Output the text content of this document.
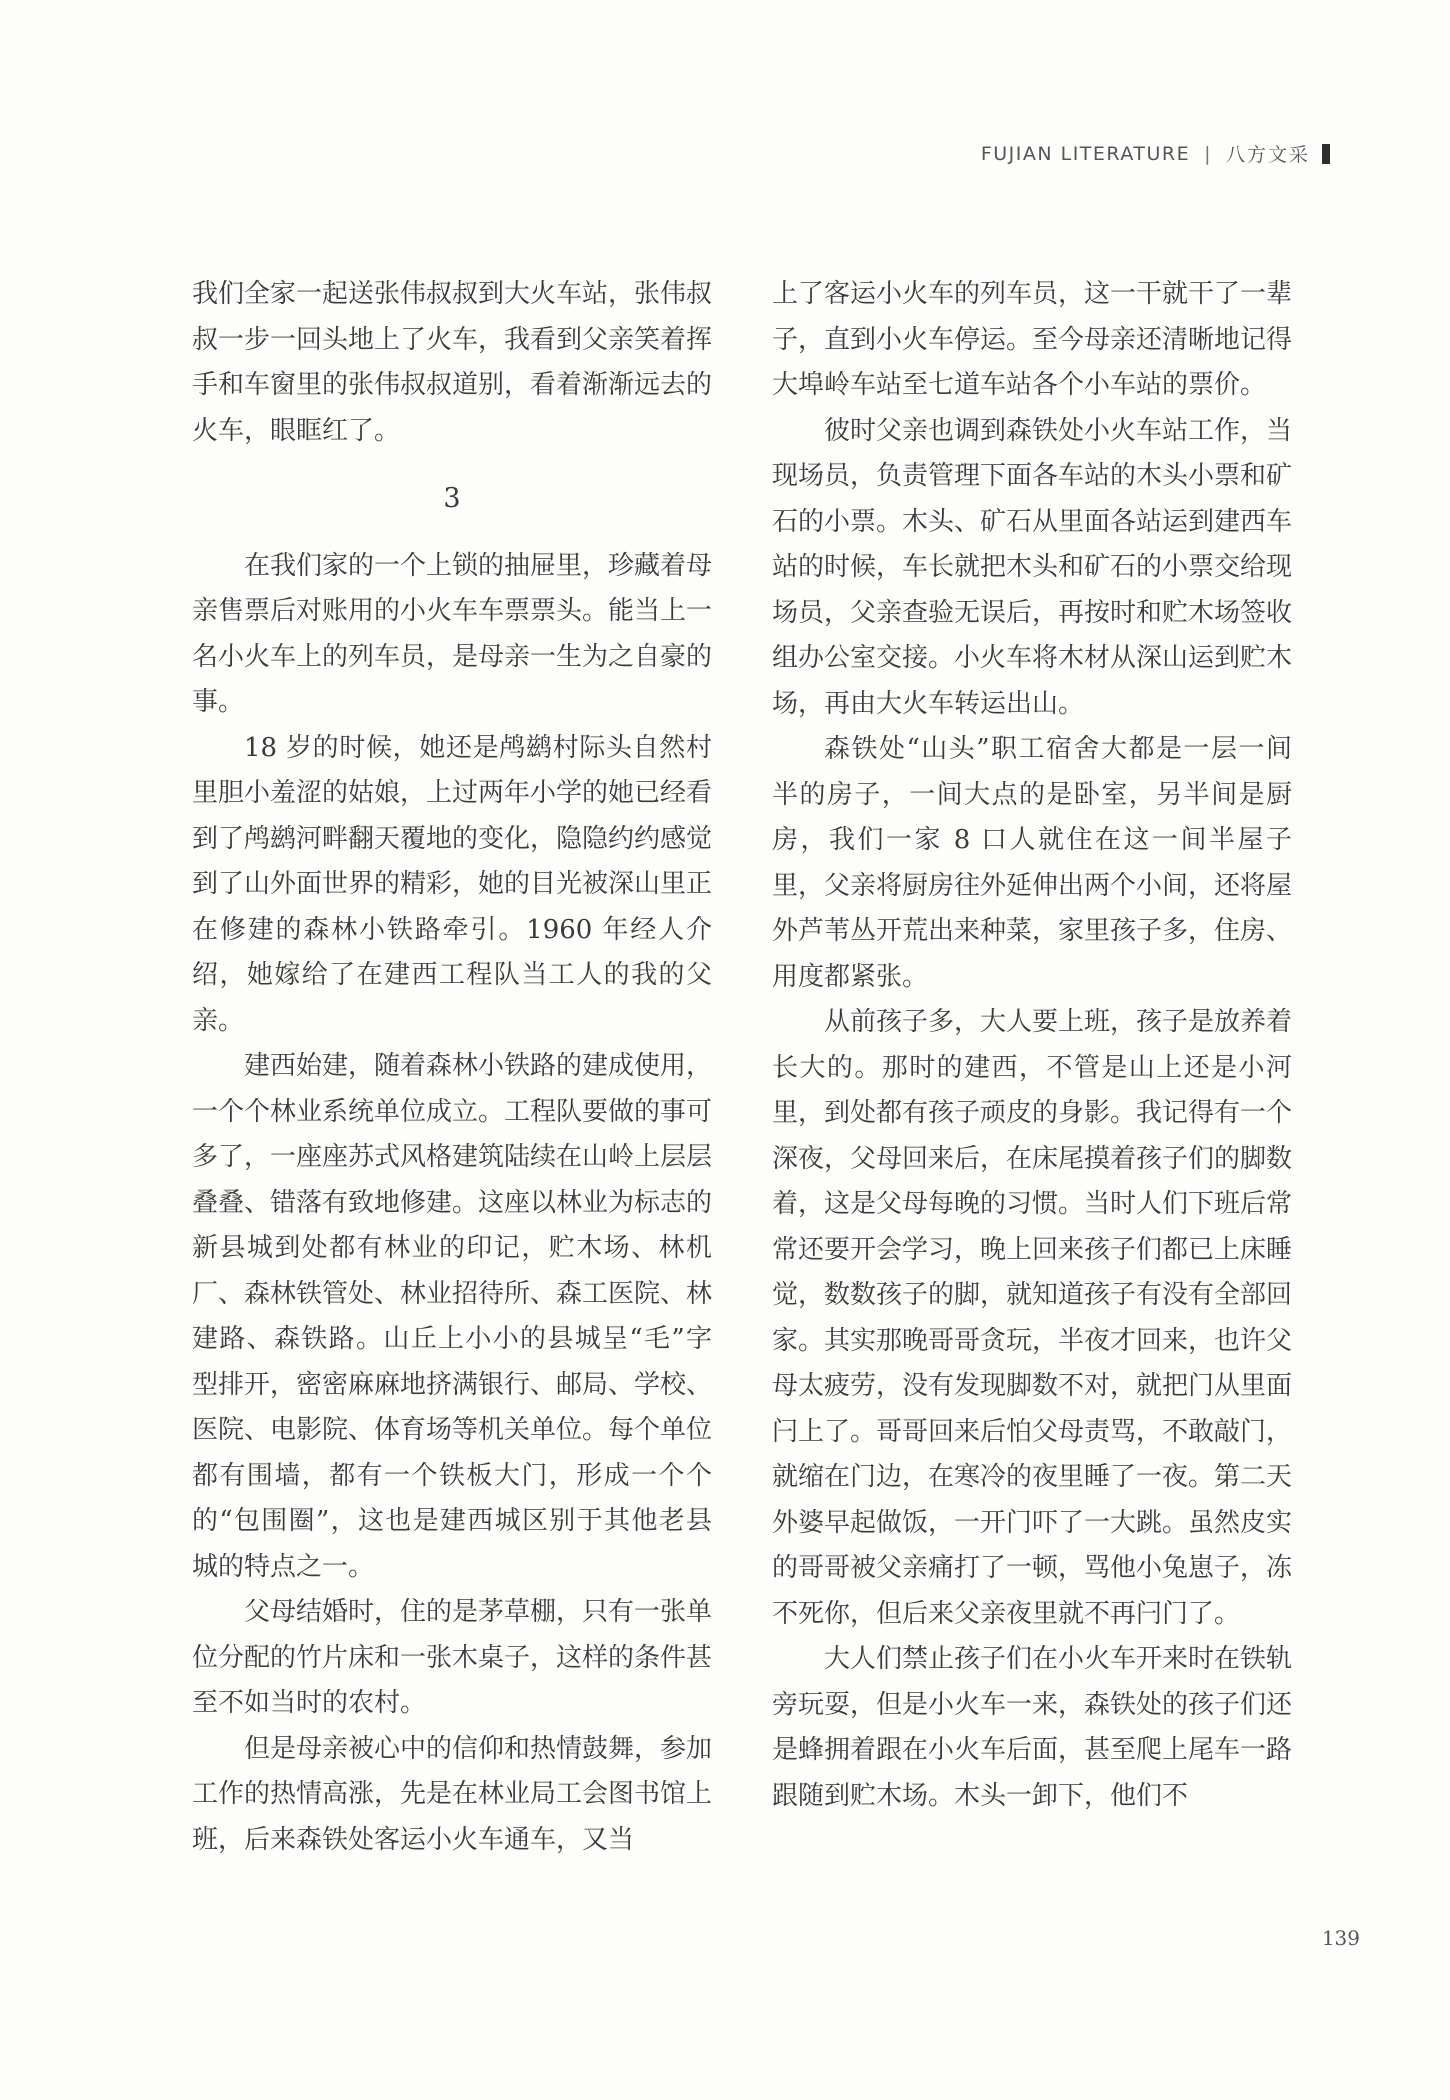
FUJIAN LITERATURE | 八方文采

我们全家一起送张伟叔叔到大火车站，张伟叔叔一步一回头地上了火车，我看到父亲笑着挥手和车窗里的张伟叔叔道别，看着渐渐远去的火车，眼眶红了。

3

在我们家的一个上锁的抽屉里，珍藏着母亲售票后对账用的小火车车票票头。能当上一名小火车上的列车员，是母亲一生为之自豪的事。

18 岁的时候，她还是鸬鹚村际头自然村里胆小羞涩的姑娘，上过两年小学的她已经看到了鸬鹚河畔翻天覆地的变化，隐隐约约感觉到了山外面世界的精彩，她的目光被深山里正在修建的森林小铁路牵引。1960 年经人介绍，她嫁给了在建西工程队当工人的我的父亲。

建西始建，随着森林小铁路的建成使用，一个个林业系统单位成立。工程队要做的事可多了，一座座苏式风格建筑陆续在山岭上层层叠叠、错落有致地修建。这座以林业为标志的新县城到处都有林业的印记，贮木场、林机厂、森林铁管处、林业招待所、森工医院、林建路、森铁路。山丘上小小的县城呈“毛”字型排开，密密麻麻地挤满银行、邮局、学校、医院、电影院、体育场等机关单位。每个单位都有围墙，都有一个铁板大门，形成一个个的“包围圈”，这也是建西城区别于其他老县城的特点之一。

父母结婚时，住的是茅草棚，只有一张单位分配的竹片床和一张木桌子，这样的条件甚至不如当时的农村。

但是母亲被心中的信仰和热情鼓舞，参加工作的热情高涨，先是在林业局工会图书馆上班，后来森铁处客运小火车通车，又当

上了客运小火车的列车员，这一干就干了一辈子，直到小火车停运。至今母亲还清晰地记得大埠岭车站至七道车站各个小车站的票价。

彼时父亲也调到森铁处小火车站工作，当现场员，负责管理下面各车站的木头小票和矿石的小票。木头、矿石从里面各站运到建西车站的时候，车长就把木头和矿石的小票交给现场员，父亲查验无误后，再按时和贮木场签收组办公室交接。小火车将木材从深山运到贮木场，再由大火车转运出山。

森铁处“山头”职工宿舍大都是一层一间半的房子，一间大点的是卧室，另半间是厨房，我们一家 8 口人就住在这一间半屋子里，父亲将厨房往外延伸出两个小间，还将屋外芦苇丛开荒出来种菜，家里孩子多，住房、用度都紧张。

从前孩子多，大人要上班，孩子是放养着长大的。那时的建西，不管是山上还是小河里，到处都有孩子顽皮的身影。我记得有一个深夜，父母回来后，在床尾摸着孩子们的脚数着，这是父母每晚的习惯。当时人们下班后常常还要开会学习，晚上回来孩子们都已上床睡觉，数数孩子的脚，就知道孩子有没有全部回家。其实那晚哥哥贪玩，半夜才回来，也许父母太疲劳，没有发现脚数不对，就把门从里面闩上了。哥哥回来后怕父母责骂，不敢敲门，就缩在门边，在寒冷的夜里睡了一夜。第二天外婆早起做饭，一开门吓了一大跳。虽然皮实的哥哥被父亲痛打了一顿，骂他小兔崽子，冻不死你，但后来父亲夜里就不再闩门了。

大人们禁止孩子们在小火车开来时在铁轨旁玩耍，但是小火车一来，森铁处的孩子们还是蜂拥着跟在小火车后面，甚至爬上尾车一路跟随到贮木场。木头一卸下，他们不

139
